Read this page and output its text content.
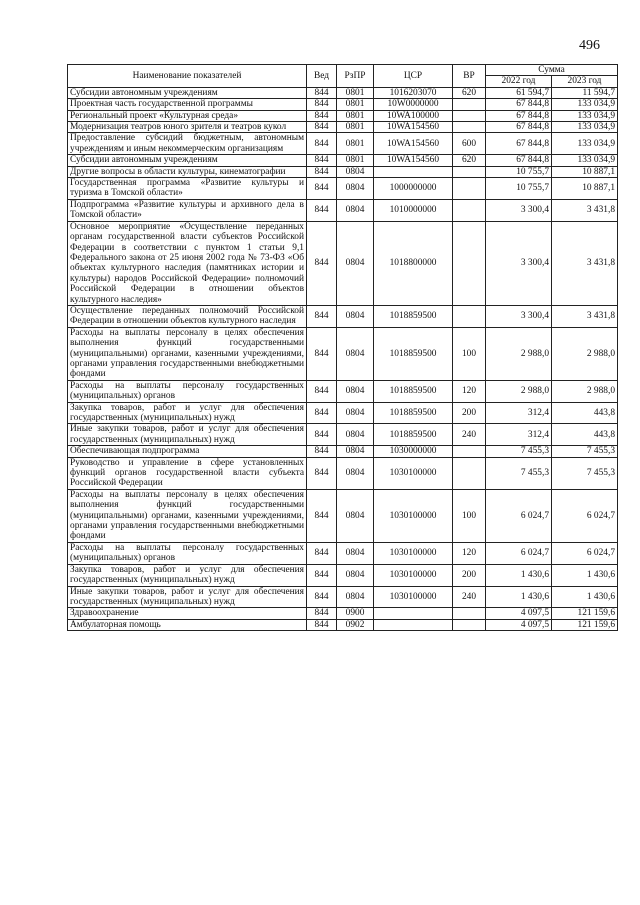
496
Наименование показателей	Вед	РзПР	ЦСР	ВР	Сумма	
					2022 год	2023 год
Субсидии автономным учреждениям	844	0801	1016203070	620	61 594,7	11 594,7
Проектная часть государственной программы	844	0801	10W0000000		67 844,8	133 034,9
Региональный проект «Культурная среда»	844	0801	10WA100000		67 844,8	133 034,9
Модернизация театров юного зрителя и театров кукол	844	0801	10WA154560		67 844,8	133 034,9
Предоставление субсидий бюджетным, автономным учреждениям и иным некоммерческим организациям	844	0801	10WA154560	600	67 844,8	133 034,9
Субсидии автономным учреждениям	844	0801	10WA154560	620	67 844,8	133 034,9
Другие вопросы в области культуры, кинематографии	844	0804			10 755,7	10 887,1
Государственная программа «Развитие культуры и туризма в Томской области»	844	0804	1000000000		10 755,7	10 887,1
Подпрограмма «Развитие культуры и архивного дела в Томской области»	844	0804	1010000000		3 300,4	3 431,8
Основное мероприятие «Осуществление переданных органам государственной власти субъектов Российской Федерации в соответствии с пунктом 1 статьи 9,1 Федерального закона от 25 июня 2002 года № 73-ФЗ «Об объектах культурного наследия (памятниках истории и культуры) народов Российской Федерации» полномочий Российской Федерации в отношении объектов культурного наследия»	844	0804	1018800000		3 300,4	3 431,8
Осуществление переданных полномочий Российской Федерации в отношении объектов культурного наследия	844	0804	1018859500		3 300,4	3 431,8
Расходы на выплаты персоналу в целях обеспечения выполнения функций государственными (муниципальными) органами, казенными учреждениями, органами управления государственными внебюджетными фондами	844	0804	1018859500	100	2 988,0	2 988,0
Расходы на выплаты персоналу государственных (муниципальных) органов	844	0804	1018859500	120	2 988,0	2 988,0
Закупка товаров, работ и услуг для обеспечения государственных (муниципальных) нужд	844	0804	1018859500	200	312,4	443,8
Иные закупки товаров, работ и услуг для обеспечения государственных (муниципальных) нужд	844	0804	1018859500	240	312,4	443,8
Обеспечивающая подпрограмма	844	0804	1030000000		7 455,3	7 455,3
Руководство и управление в сфере установленных функций органов государственной власти субъекта Российской Федерации	844	0804	1030100000		7 455,3	7 455,3
Расходы на выплаты персоналу в целях обеспечения выполнения функций государственными (муниципальными) органами, казенными учреждениями, органами управления государственными внебюджетными фондами	844	0804	1030100000	100	6 024,7	6 024,7
Расходы на выплаты персоналу государственных (муниципальных) органов	844	0804	1030100000	120	6 024,7	6 024,7
Закупка товаров, работ и услуг для обеспечения государственных (муниципальных) нужд	844	0804	1030100000	200	1 430,6	1 430,6
Иные закупки товаров, работ и услуг для обеспечения государственных (муниципальных) нужд	844	0804	1030100000	240	1 430,6	1 430,6
Здравоохранение	844	0900			4 097,5	121 159,6
Амбулаторная помощь	844	0902			4 097,5	121 159,6
